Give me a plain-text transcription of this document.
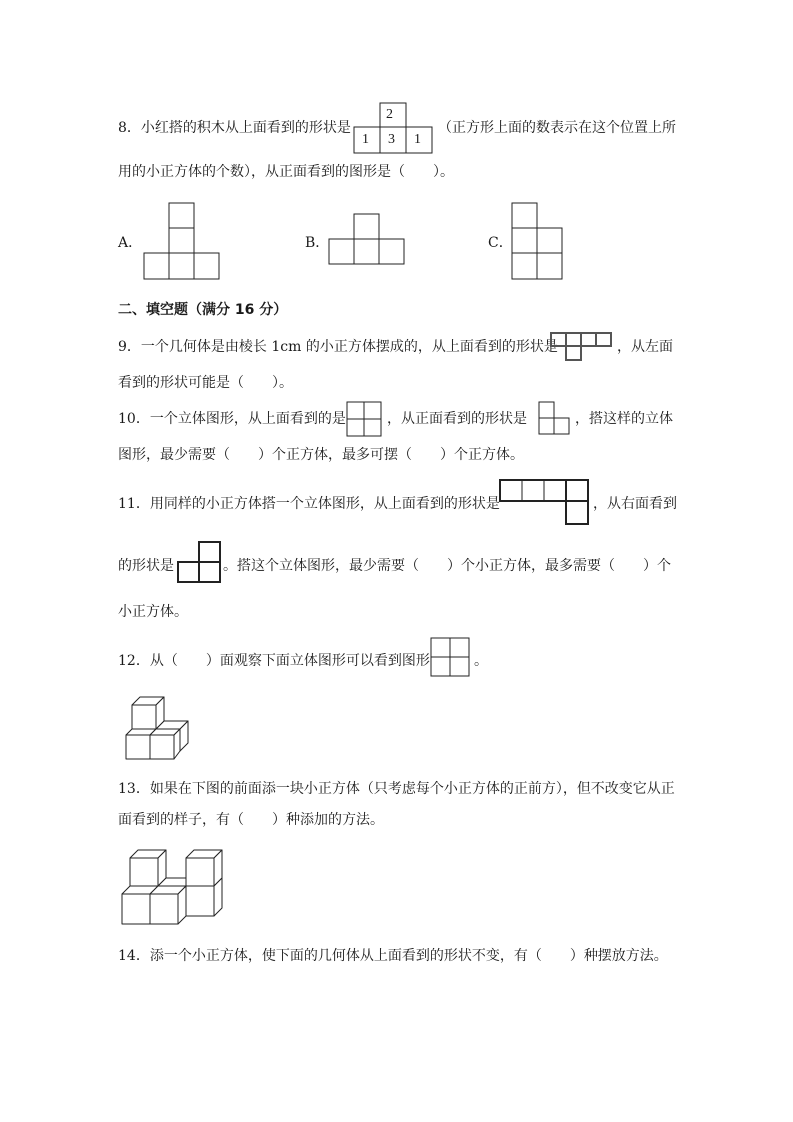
8．小红搭的积木从上面看到的形状是
2
1 3 1
（正方形上面的数表示在这个位置上所
用的小正方体的个数），从正面看到的图形是（　　）。
A．	B．	C．
二、填空题（满分 16 分）
9．一个几何体是由棱长 1cm 的小正方体摆成的，从上面看到的形状是	，从左面
看到的形状可能是（　　）。
10．一个立体图形，从上面看到的是	，从正面看到的形状是	，搭这样的立体
图形，最少需要（　　）个正方体，最多可摆（　　）个正方体。
11．用同样的小正方体搭一个立体图形，从上面看到的形状是	，从右面看到
的形状是	。搭这个立体图形，最少需要（　　）个小正方体，最多需要（　　）个
小正方体。
12．从（　　）面观察下面立体图形可以看到图形	。
13．如果在下图的前面添一块小正方体（只考虑每个小正方体的正前方），但不改变它从正
面看到的样子，有（　　）种添加的方法。
14．添一个小正方体，使下面的几何体从上面看到的形状不变，有（　　）种摆放方法。
